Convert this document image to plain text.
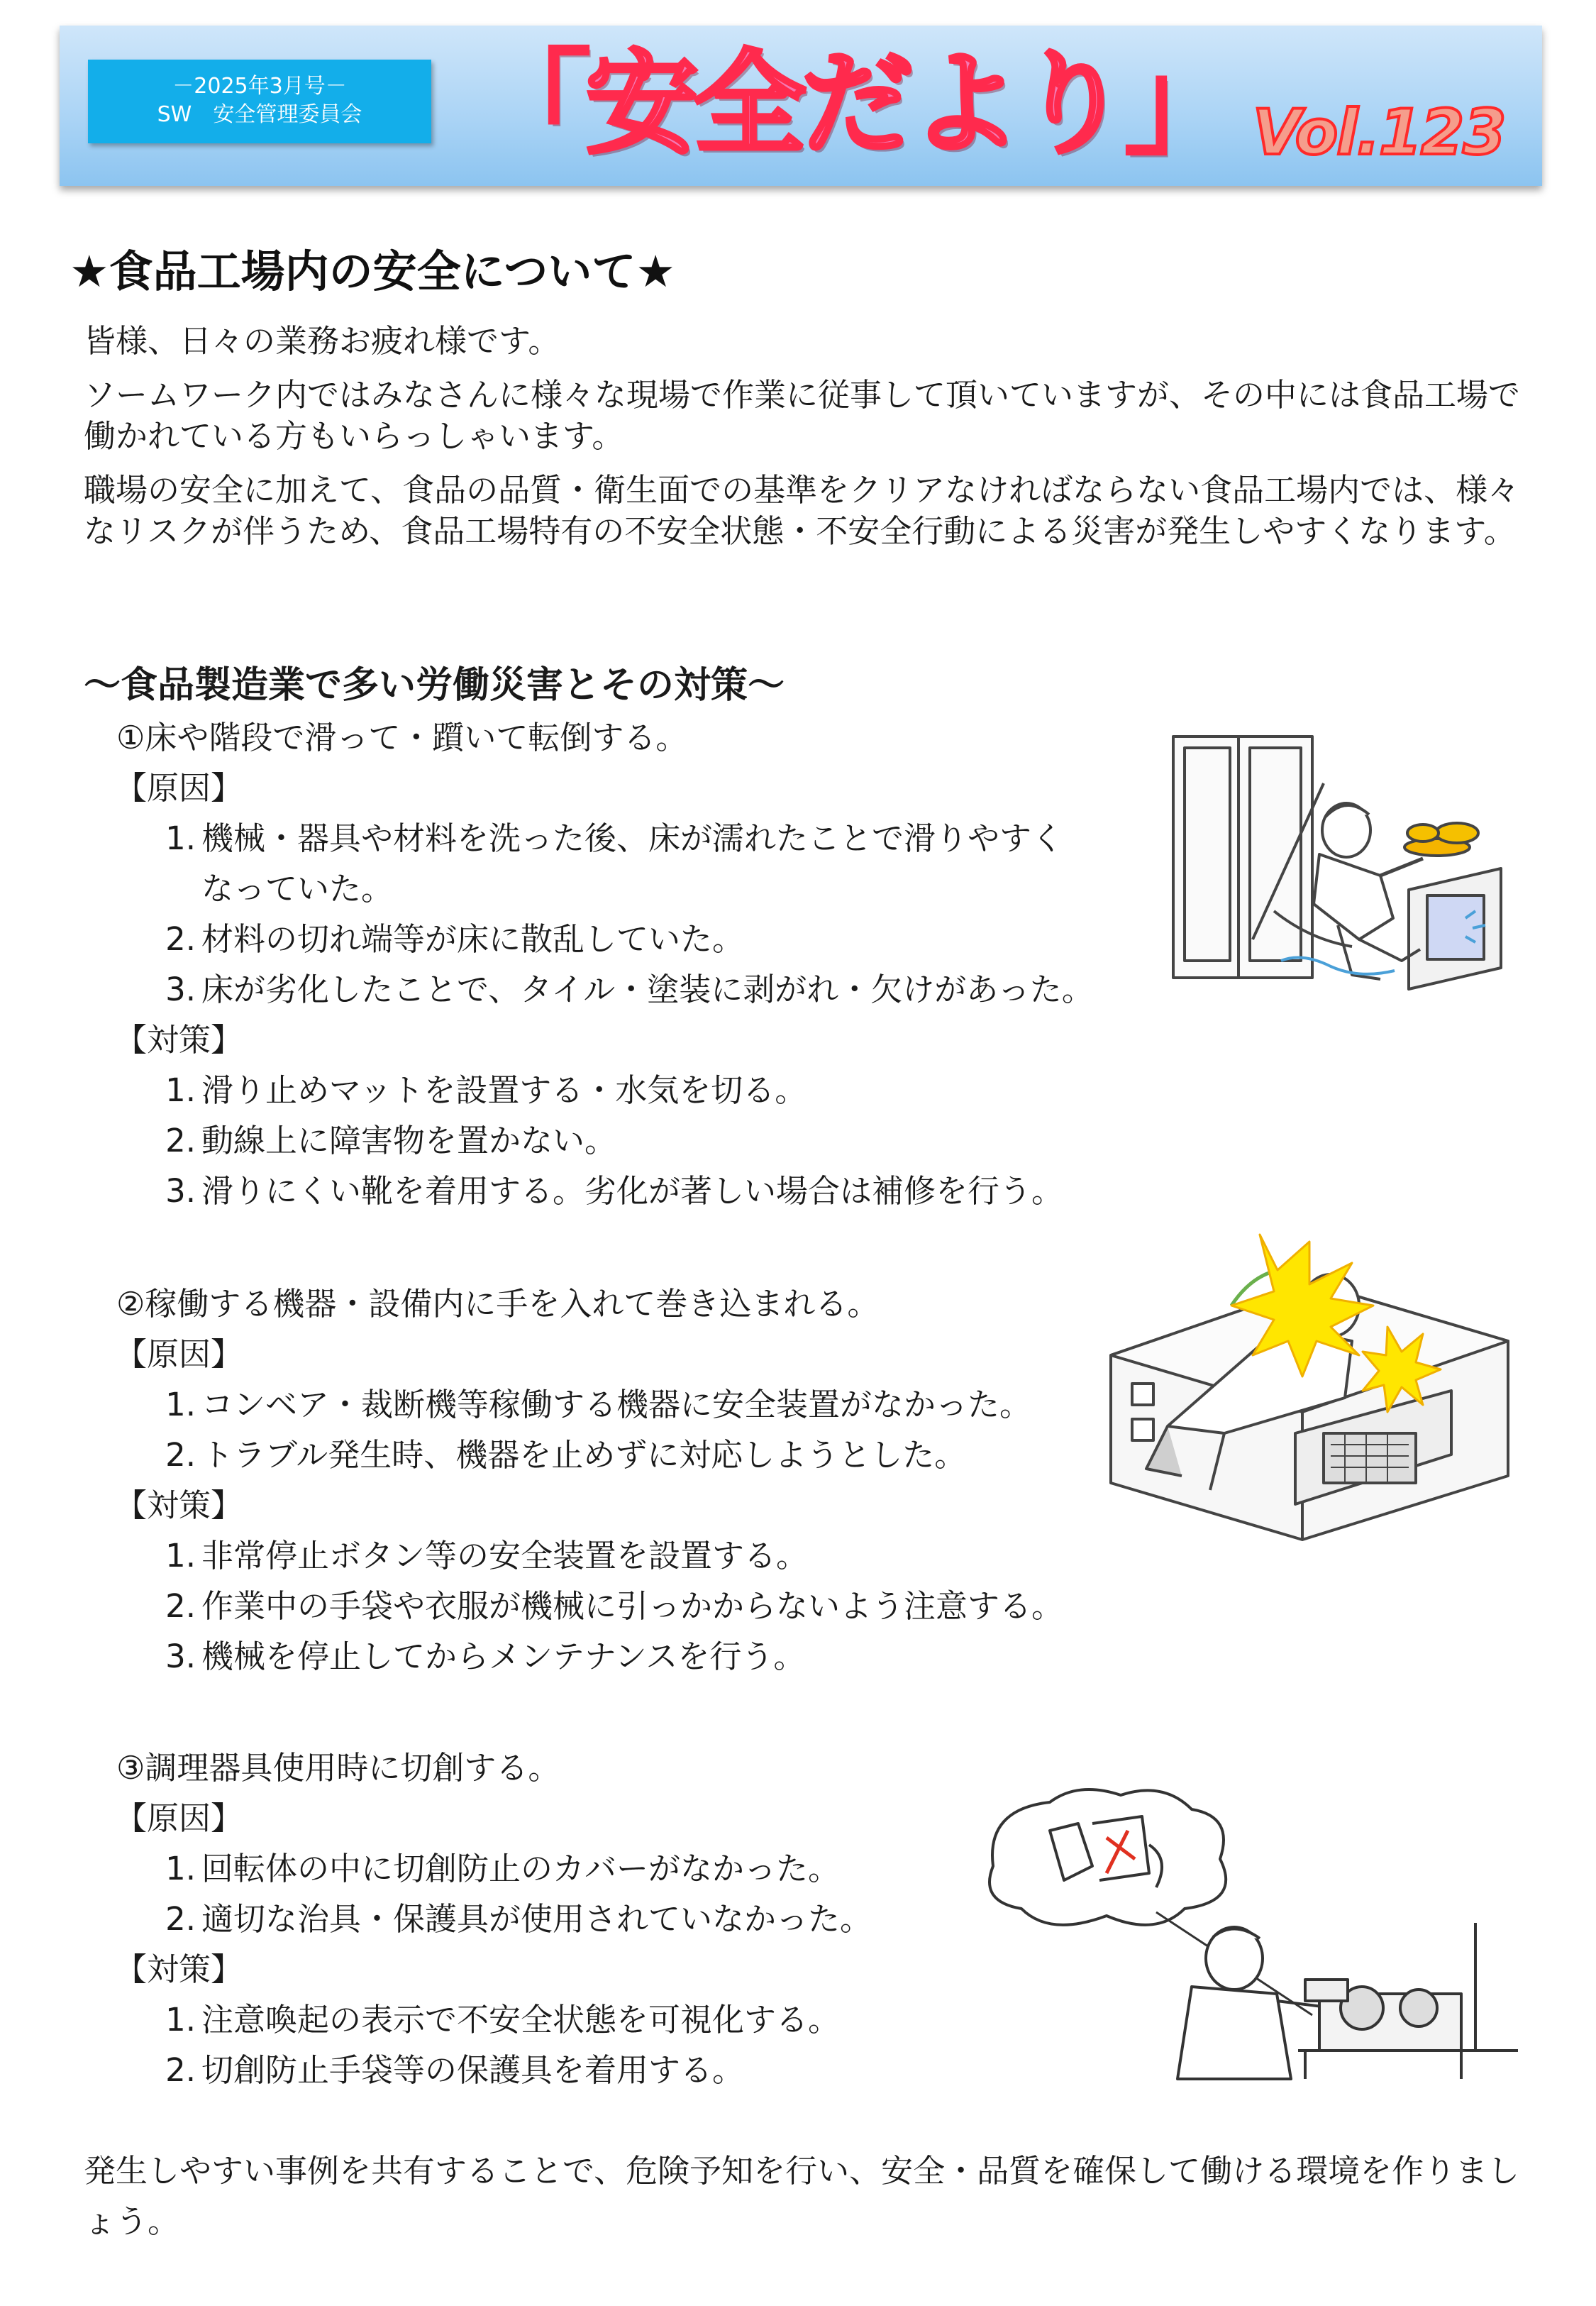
－2025年3月号－
SW　安全管理委員会	「安全だより」 Vol.123
★食品工場内の安全について★

皆様、日々の業務お疲れ様です。

ソームワーク内ではみなさんに様々な現場で作業に従事して頂いていますが、その中には食品工場で働かれている方もいらっしゃいます。

職場の安全に加えて、食品の品質・衛生面での基準をクリアなければならない食品工場内では、様々なリスクが伴うため、食品工場特有の不安全状態・不安全行動による災害が発生しやすくなります。

～食品製造業で多い労働災害とその対策～
①床や階段で滑って・躓いて転倒する。
【原因】
1. 機械・器具や材料を洗った後、床が濡れたことで滑りやすく
なっていた。
2. 材料の切れ端等が床に散乱していた。
3. 床が劣化したことで、タイル・塗装に剥がれ・欠けがあった。
【対策】
1. 滑り止めマットを設置する・水気を切る。
2. 動線上に障害物を置かない。
3. 滑りにくい靴を着用する。劣化が著しい場合は補修を行う。
②稼働する機器・設備内に手を入れて巻き込まれる。
【原因】
1. コンベア・裁断機等稼働する機器に安全装置がなかった。
2. トラブル発生時、機器を止めずに対応しようとした。
【対策】
1. 非常停止ボタン等の安全装置を設置する。
2. 作業中の手袋や衣服が機械に引っかからないよう注意する。
3. 機械を停止してからメンテナンスを行う。
③調理器具使用時に切創する。
【原因】
1. 回転体の中に切創防止のカバーがなかった。
2. 適切な治具・保護具が使用されていなかった。
【対策】
1. 注意喚起の表示で不安全状態を可視化する。
2. 切創防止手袋等の保護具を着用する。
発生しやすい事例を共有することで、危険予知を行い、安全・品質を確保して働ける環境を作りましょう。
